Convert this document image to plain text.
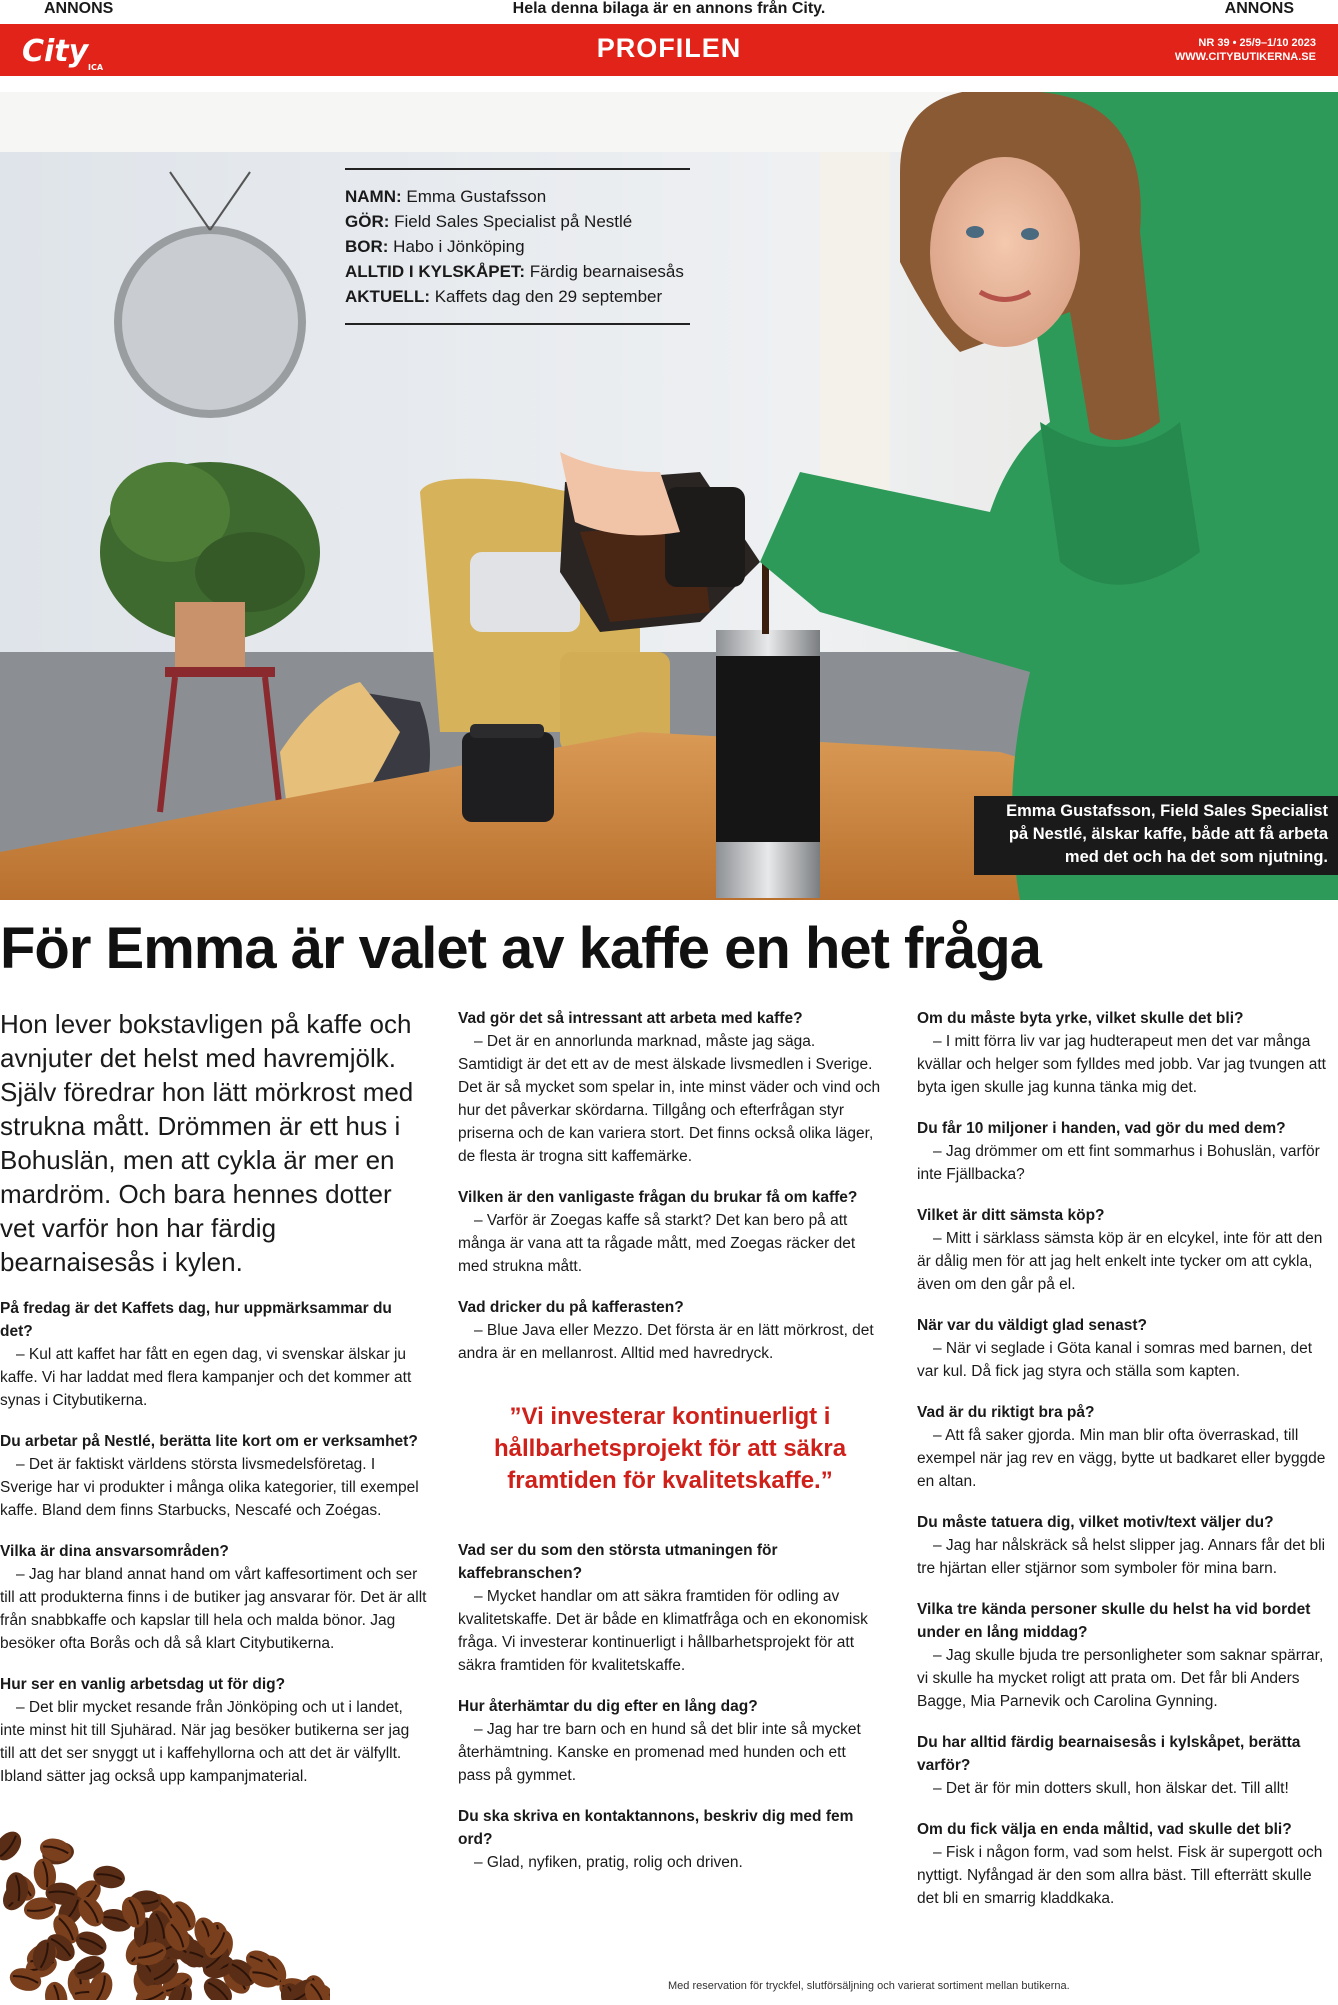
ANNONS	Hela denna bilaga är en annons från City.	ANNONS
City ICA
PROFILEN	NR 39 • 25/9–1/10 2023
WWW.CITYBUTIKERNA.SE
NAMN: Emma Gustafsson
GÖR: Field Sales Specialist på Nestlé
BOR: Habo i Jönköping
ALLTID I KYLSKÅPET: Färdig bearnaisesås
AKTUELL: Kaffets dag den 29 september
Emma Gustafsson, Field Sales Specialist
på Nestlé, älskar kaffe, både att få arbeta
med det och ha det som njutning.
För Emma är valet av kaffe en het fråga
Hon lever bokstavligen på kaffe och avnjuter det helst med havremjölk. Själv föredrar hon lätt mörkrost med strukna mått. Drömmen är ett hus i Bohuslän, men att cykla är mer en mardröm. Och bara hennes dotter vet varför hon har färdig bearnaisesås i kylen.
På fredag är det Kaffets dag, hur uppmärksammar du det?
– Kul att kaffet har fått en egen dag, vi svenskar älskar ju kaffe. Vi har laddat med flera kampanjer och det kommer att synas i Citybutikerna.
Du arbetar på Nestlé, berätta lite kort om er verksamhet?
– Det är faktiskt världens största livsmedelsföretag. I Sverige har vi produkter i många olika kategorier, till exempel kaffe. Bland dem finns Starbucks, Nescafé och Zoégas.
Vilka är dina ansvarsområden?
– Jag har bland annat hand om vårt kaffesortiment och ser till att produkterna finns i de butiker jag ansvarar för. Det är allt från snabbkaffe och kapslar till hela och malda bönor. Jag besöker ofta Borås och då så klart Citybutikerna.
Hur ser en vanlig arbetsdag ut för dig?
– Det blir mycket resande från Jönköping och ut i landet, inte minst hit till Sjuhärad. När jag besöker butikerna ser jag till att det ser snyggt ut i kaffehyllorna och att det är välfyllt. Ibland sätter jag också upp kampanjmaterial.
Vad gör det så intressant att arbeta med kaffe?
– Det är en annorlunda marknad, måste jag säga. Samtidigt är det ett av de mest älskade livsmedlen i Sverige. Det är så mycket som spelar in, inte minst väder och vind och hur det påverkar skördarna. Tillgång och efterfrågan styr priserna och de kan variera stort. Det finns också olika läger, de flesta är trogna sitt kaffemärke.
Vilken är den vanligaste frågan du brukar få om kaffe?
– Varför är Zoegas kaffe så starkt? Det kan bero på att många är vana att ta rågade mått, med Zoegas räcker det med strukna mått.
Vad dricker du på kafferasten?
– Blue Java eller Mezzo. Det första är en lätt mörkrost, det andra är en mellanrost. Alltid med havredryck.
”Vi investerar kontinuerligt i hållbarhetsprojekt för att säkra framtiden för kvalitetskaffe.”
Vad ser du som den största utmaningen för kaffebranschen?
– Mycket handlar om att säkra framtiden för odling av kvalitetskaffe. Det är både en klimatfråga och en ekonomisk fråga. Vi investerar kontinuerligt i hållbarhetsprojekt för att säkra framtiden för kvalitetskaffe.
Hur återhämtar du dig efter en lång dag?
– Jag har tre barn och en hund så det blir inte så mycket återhämtning. Kanske en promenad med hunden och ett pass på gymmet.
Du ska skriva en kontaktannons, beskriv dig med fem ord?
– Glad, nyfiken, pratig, rolig och driven.
Om du måste byta yrke, vilket skulle det bli?
– I mitt förra liv var jag hudterapeut men det var många kvällar och helger som fylldes med jobb. Var jag tvungen att byta igen skulle jag kunna tänka mig det.
Du får 10 miljoner i handen, vad gör du med dem?
– Jag drömmer om ett fint sommarhus i Bohuslän, varför inte Fjällbacka?
Vilket är ditt sämsta köp?
– Mitt i särklass sämsta köp är en elcykel, inte för att den är dålig men för att jag helt enkelt inte tycker om att cykla, även om den går på el.
När var du väldigt glad senast?
– När vi seglade i Göta kanal i somras med barnen, det var kul. Då fick jag styra och ställa som kapten.
Vad är du riktigt bra på?
– Att få saker gjorda. Min man blir ofta överraskad, till exempel när jag rev en vägg, bytte ut badkaret eller byggde en altan.
Du måste tatuera dig, vilket motiv/text väljer du?
– Jag har nålskräck så helst slipper jag. Annars får det bli tre hjärtan eller stjärnor som symboler för mina barn.
Vilka tre kända personer skulle du helst ha vid bordet under en lång middag?
– Jag skulle bjuda tre personligheter som saknar spärrar, vi skulle ha mycket roligt att prata om. Det får bli Anders Bagge, Mia Parnevik och Carolina Gynning.
Du har alltid färdig bearnaisesås i kylskåpet, berätta varför?
– Det är för min dotters skull, hon älskar det. Till allt!
Om du fick välja en enda måltid, vad skulle det bli?
– Fisk i någon form, vad som helst. Fisk är supergott och nyttigt. Nyfångad är den som allra bäst. Till efterrätt skulle det bli en smarrig kladdkaka.
Med reservation för tryckfel, slutförsäljning och varierat sortiment mellan butikerna.
